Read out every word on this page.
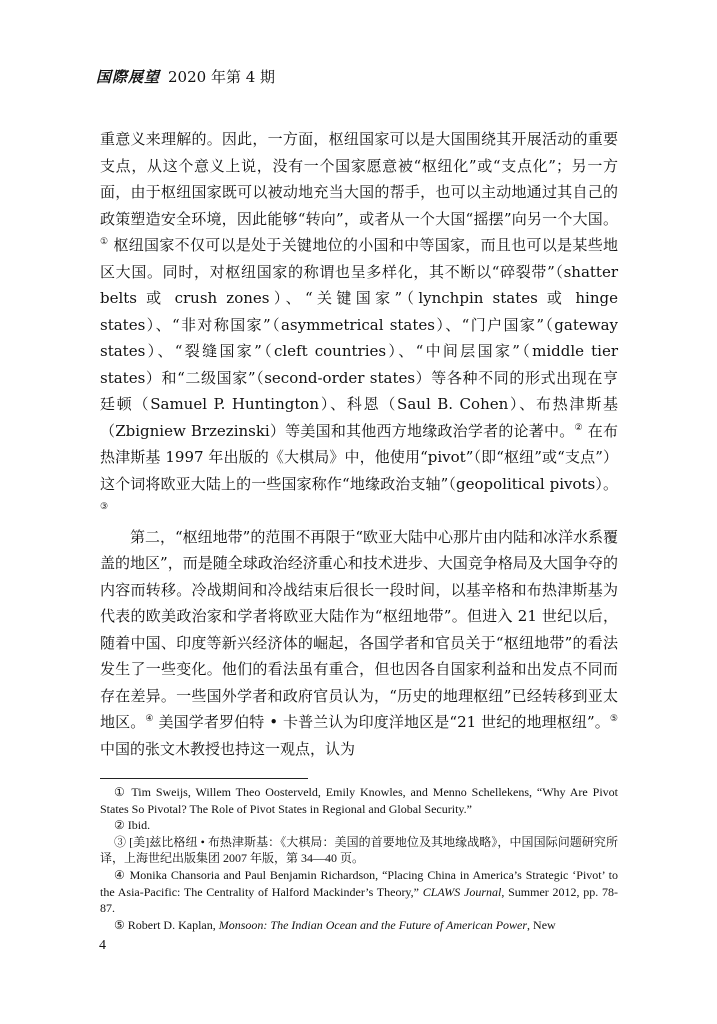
国際展望 2020 年第 4 期

重意义来理解的。因此，一方面，枢纽国家可以是大国围绕其开展活动的重要支点，从这个意义上说，没有一个国家愿意被“枢纽化”或“支点化”；另一方面，由于枢纽国家既可以被动地充当大国的帮手，也可以主动地通过其自己的政策塑造安全环境，因此能够“转向”，或者从一个大国“摇摆”向另一个大国。① 枢纽国家不仅可以是处于关键地位的小国和中等国家，而且也可以是某些地区大国。同时，对枢纽国家的称谓也呈多样化，其不断以“碎裂带”（shatter belts 或 crush zones）、“关键国家”（lynchpin states 或 hinge states）、“非对称国家”（asymmetrical states）、“门户国家”（gateway states）、“裂缝国家”（cleft countries）、“中间层国家”（middle tier states）和“二级国家”（second-order states）等各种不同的形式出现在亨廷顿（Samuel P. Huntington）、科恩（Saul B. Cohen）、布热津斯基（Zbigniew Brzezinski）等美国和其他西方地缘政治学者的论著中。② 在布热津斯基 1997 年出版的《大棋局》中，他使用“pivot”（即“枢纽”或“支点”）这个词将欧亚大陆上的一些国家称作“地缘政治支轴”（geopolitical pivots）。③

第二，“枢纽地带”的范围不再限于“欧亚大陆中心那片由内陆和冰洋水系覆盖的地区”，而是随全球政治经济重心和技术进步、大国竞争格局及大国争夺的内容而转移。冷战期间和冷战结束后很长一段时间，以基辛格和布热津斯基为代表的欧美政治家和学者将欧亚大陆作为“枢纽地带”。但进入 21 世纪以后，随着中国、印度等新兴经济体的崛起，各国学者和官员关于“枢纽地带”的看法发生了一些变化。他们的看法虽有重合，但也因各自国家利益和出发点不同而存在差异。一些国外学者和政府官员认为，“历史的地理枢纽”已经转移到亚太地区。④ 美国学者罗伯特 • 卡普兰认为印度洋地区是“21 世纪的地理枢纽”。⑤ 中国的张文木教授也持这一观点，认为

① Tim Sweijs, Willem Theo Oosterveld, Emily Knowles, and Menno Schellekens, “Why Are Pivot States So Pivotal? The Role of Pivot States in Regional and Global Security.”

② Ibid.

③ [美]兹比格纽 • 布热津斯基：《大棋局：美国的首要地位及其地缘战略》，中国国际问题研究所译，上海世纪出版集团 2007 年版，第 34—40 页。

④ Monika Chansoria and Paul Benjamin Richardson, “Placing China in America’s Strategic ‘Pivot’ to the Asia-Pacific: The Centrality of Halford Mackinder’s Theory,” CLAWS Journal, Summer 2012, pp. 78-87.

⑤ Robert D. Kaplan, Monsoon: The Indian Ocean and the Future of American Power, New

4
